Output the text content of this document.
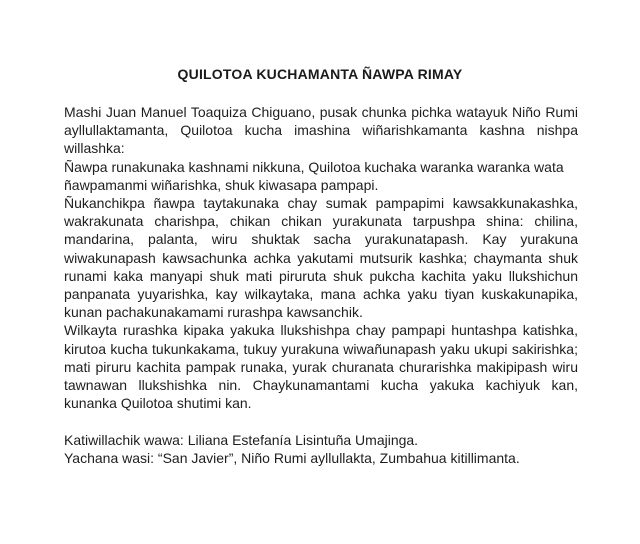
QUILOTOA KUCHAMANTA ÑAWPA RIMAY

Mashi Juan Manuel Toaquiza Chiguano, pusak chunka pichka watayuk Niño Rumi ayllullaktamanta, Quilotoa kucha imashina wiñarishkamanta kashna nishpa willashka:

Ñawpa runakunaka kashnami nikkuna, Quilotoa kuchaka waranka waranka wata ñawpamanmi wiñarishka, shuk kiwasapa pampapi.

Ñukanchikpa ñawpa taytakunaka chay sumak pampapimi kawsakkunakashka, wakrakunata charishpa, chikan chikan yurakunata tarpushpa shina: chilina, mandarina, palanta, wiru shuktak sacha yurakunatapash. Kay yurakuna wiwakunapash kawsachunka achka yakutami mutsurik kashka; chaymanta shuk runami kaka manyapi shuk mati piruruta shuk pukcha kachita yaku llukshichun panpanata yuyarishka, kay wilkaytaka, mana achka yaku tiyan kuskakunapika, kunan pachakunakamami rurashpa kawsanchik.

Wilkayta rurashka kipaka yakuka llukshishpa chay pampapi huntashpa katishka, kirutoa kucha tukunkakama, tukuy yurakuna wiwañunapash yaku ukupi sakirishka; mati piruru kachita pampak runaka, yurak churanata churarishka makipipash wiru tawnawan llukshishka nin. Chaykunamantami kucha yakuka kachiyuk kan, kunanka Quilotoa shutimi kan.

Katiwillachik wawa: Liliana Estefanía Lisintuña Umajinga.

Yachana wasi: “San Javier”, Niño Rumi ayllullakta, Zumbahua kitillimanta.
